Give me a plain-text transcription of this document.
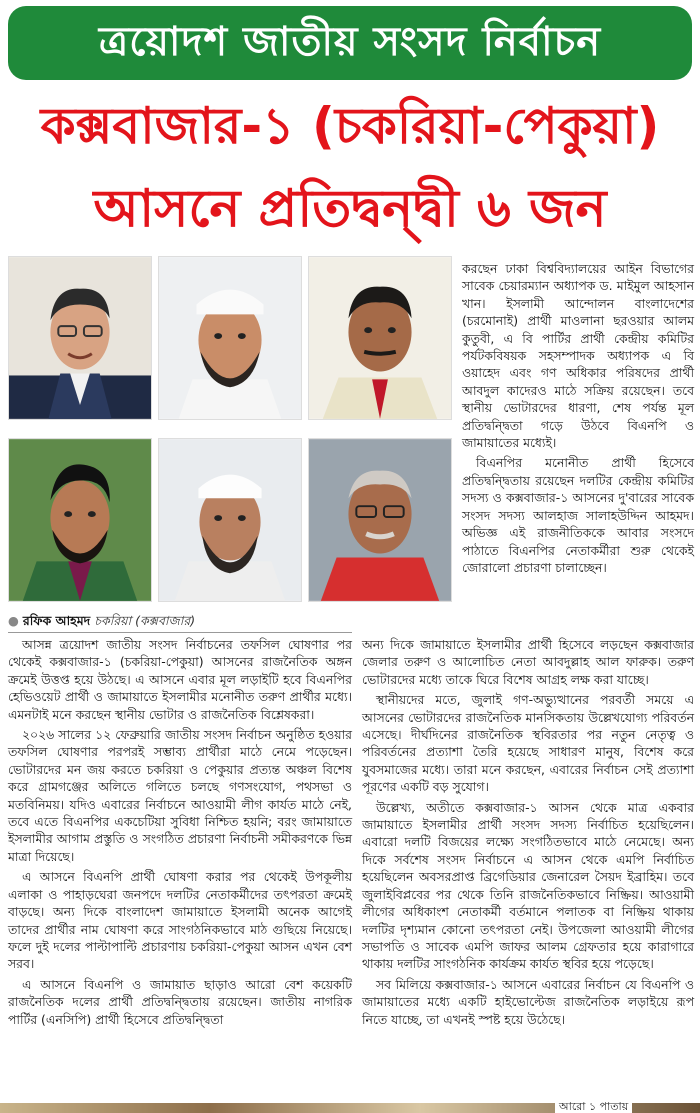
ত্রয়োদশ জাতীয় সংসদ নির্বাচন
কক্সবাজার-১ (চকরিয়া-পেকুয়া)
আসনে প্রতিদ্বন্দ্বী ৬ জন
● রফিক আহমদ চকরিয়া (কক্সবাজার)

করছেন ঢাকা বিশ্ববিদ্যালয়ের আইন বিভাগের সাবেক চেয়ারম্যান অধ্যাপক ড. মাইমুল আহসান খান। ইসলামী আন্দোলন বাংলাদেশের (চরমোনাই) প্রার্থী মাওলানা ছরওয়ার আলম কুতুবী, এ বি পার্টির প্রার্থী কেন্দ্রীয় কমিটির পর্যটকবিষয়ক সহসম্পাদক অধ্যাপক এ বি ওয়াহেদ এবং গণ অধিকার পরিষদের প্রার্থী আবদুল কাদেরও মাঠে সক্রিয় রয়েছেন। তবে স্থানীয় ভোটারদের ধারণা, শেষ পর্যন্ত মূল প্রতিদ্বন্দ্বিতা গড়ে উঠবে বিএনপি ও জামায়াতের মধ্যেই।

বিএনপির মনোনীত প্রার্থী হিসেবে প্রতিদ্বন্দ্বিতায় রয়েছেন দলটির কেন্দ্রীয় কমিটির সদস্য ও কক্সবাজার-১ আসনের দু'বারের সাবেক সংসদ সদস্য আলহাজ সালাহউদ্দিন আহমদ। অভিজ্ঞ এই রাজনীতিককে আবার সংসদে পাঠাতে বিএনপির নেতাকর্মীরা শুরু থেকেই জোরালো প্রচারণা চালাচ্ছেন।

আসন্ন ত্রয়োদশ জাতীয় সংসদ নির্বাচনের তফসিল ঘোষণার পর থেকেই কক্সবাজার-১ (চকরিয়া-পেকুয়া) আসনের রাজনৈতিক অঙ্গন ক্রমেই উত্তপ্ত হয়ে উঠছে। এ আসনে এবার মূল লড়াইটি হবে বিএনপির হেভিওয়েট প্রার্থী ও জামায়াতে ইসলামীর মনোনীত তরুণ প্রার্থীর মধ্যে। এমনটাই মনে করছেন স্থানীয় ভোটার ও রাজনৈতিক বিশ্লেষকরা।

২০২৬ সালের ১২ ফেব্রুয়ারি জাতীয় সংসদ নির্বাচন অনুষ্ঠিত হওয়ার তফসিল ঘোষণার পরপরই সম্ভাব্য প্রার্থীরা মাঠে নেমে পড়েছেন। ভোটারদের মন জয় করতে চকরিয়া ও পেকুয়ার প্রত্যন্ত অঞ্চল বিশেষ করে গ্রামগঞ্জের অলিতে গলিতে চলছে গণসংযোগ, পথসভা ও মতবিনিময়। যদিও এবারের নির্বাচনে আওয়ামী লীগ কার্যত মাঠে নেই, তবে এতে বিএনপির একচেটিয়া সুবিধা নিশ্চিত হয়নি; বরং জামায়াতে ইসলামীর আগাম প্রস্তুতি ও সংগঠিত প্রচারণা নির্বাচনী সমীকরণকে ভিন্ন মাত্রা দিয়েছে।

এ আসনে বিএনপি প্রার্থী ঘোষণা করার পর থেকেই উপকূলীয় এলাকা ও পাহাড়ঘেরা জনপদে দলটির নেতাকর্মীদের তৎপরতা ক্রমেই বাড়ছে। অন্য দিকে বাংলাদেশ জামায়াতে ইসলামী অনেক আগেই তাদের প্রার্থীর নাম ঘোষণা করে সাংগঠনিকভাবে মাঠ গুছিয়ে নিয়েছে। ফলে দুই দলের পাল্টাপাল্টি প্রচারণায় চকরিয়া-পেকুয়া আসন এখন বেশ সরব।

এ আসনে বিএনপি ও জামায়াত ছাড়াও আরো বেশ কয়েকটি রাজনৈতিক দলের প্রার্থী প্রতিদ্বন্দ্বিতায় রয়েছেন। জাতীয় নাগরিক পার্টির (এনসিপি) প্রার্থী হিসেবে প্রতিদ্বন্দ্বিতা

অন্য দিকে জামায়াতে ইসলামীর প্রার্থী হিসেবে লড়ছেন কক্সবাজার জেলার তরুণ ও আলোচিত নেতা আবদুল্লাহ আল ফারুক। তরুণ ভোটারদের মধ্যে তাকে ঘিরে বিশেষ আগ্রহ লক্ষ করা যাচ্ছে।

স্থানীয়দের মতে, জুলাই গণ-অভ্যুত্থানের পরবর্তী সময়ে এ আসনের ভোটারদের রাজনৈতিক মানসিকতায় উল্লেখযোগ্য পরিবর্তন এসেছে। দীর্ঘদিনের রাজনৈতিক স্থবিরতার পর নতুন নেতৃত্ব ও পরিবর্তনের প্রত্যাশা তৈরি হয়েছে সাধারণ মানুষ, বিশেষ করে যুবসমাজের মধ্যে। তারা মনে করছেন, এবারের নির্বাচন সেই প্রত্যাশা পূরণের একটি বড় সুযোগ।

উল্লেখ্য, অতীতে কক্সবাজার-১ আসন থেকে মাত্র একবার জামায়াতে ইসলামীর প্রার্থী সংসদ সদস্য নির্বাচিত হয়েছিলেন। এবারো দলটি বিজয়ের লক্ষ্যে সংগঠিতভাবে মাঠে নেমেছে। অন্য দিকে সর্বশেষ সংসদ নির্বাচনে এ আসন থেকে এমপি নির্বাচিত হয়েছিলেন অবসরপ্রাপ্ত ব্রিগেডিয়ার জেনারেল সৈয়দ ইব্রাহিম। তবে জুলাইবিপ্লবের পর থেকে তিনি রাজনৈতিকভাবে নিষ্ক্রিয়। আওয়ামী লীগের অধিকাংশ নেতাকর্মী বর্তমানে পলাতক বা নিষ্ক্রিয় থাকায় দলটির দৃশ্যমান কোনো তৎপরতা নেই। উপজেলা আওয়ামী লীগের সভাপতি ও সাবেক এমপি জাফর আলম গ্রেফতার হয়ে কারাগারে থাকায় দলটির সাংগঠনিক কার্যক্রম কার্যত স্থবির হয়ে পড়েছে।

সব মিলিয়ে কক্সবাজার-১ আসনে এবারের নির্বাচন যে বিএনপি ও জামায়াতের মধ্যে একটি হাইভোল্টেজ রাজনৈতিক লড়াইয়ে রূপ নিতে যাচ্ছে, তা এখনই স্পষ্ট হয়ে উঠেছে।

আরো ১ পাতায়
